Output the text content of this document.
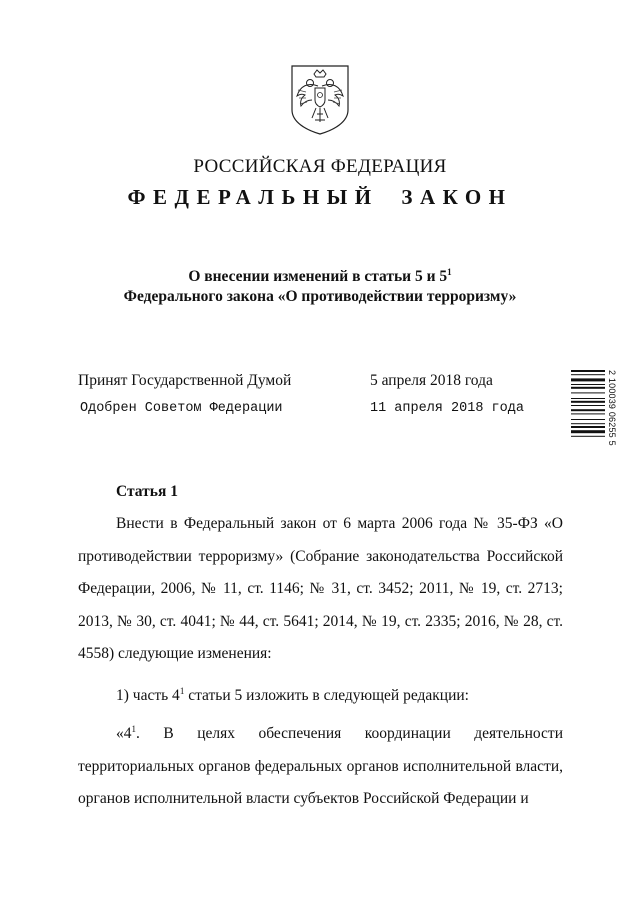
РОССИЙСКАЯ ФЕДЕРАЦИЯ
ФЕДЕРАЛЬНЫЙ ЗАКОН
О внесении изменений в статьи 5 и $5^1$
Федерального закона «О противодействии терроризму»
Принят Государственной Думой	5 апреля 2018 года
Одобрен Советом Федерации	11 апреля 2018 года	2 100039 06255 5
Статья 1
Внести в Федеральный закон от 6 марта 2006 года № 35-ФЗ «О противодействии терроризму» (Собрание законодательства Российской Федерации, 2006, № 11, ст. 1146; № 31, ст. 3452; 2011, № 19, ст. 2713; 2013, № 30, ст. 4041; № 44, ст. 5641; 2014, № 19, ст. 2335; 2016, № 28, ст. 4558) следующие изменения:
1) часть $4^1$ статьи 5 изложить в следующей редакции:
«$4^1$. В целях обеспечения координации деятельности территориальных органов федеральных органов исполнительной власти, органов исполнительной власти субъектов Российской Федерации и
